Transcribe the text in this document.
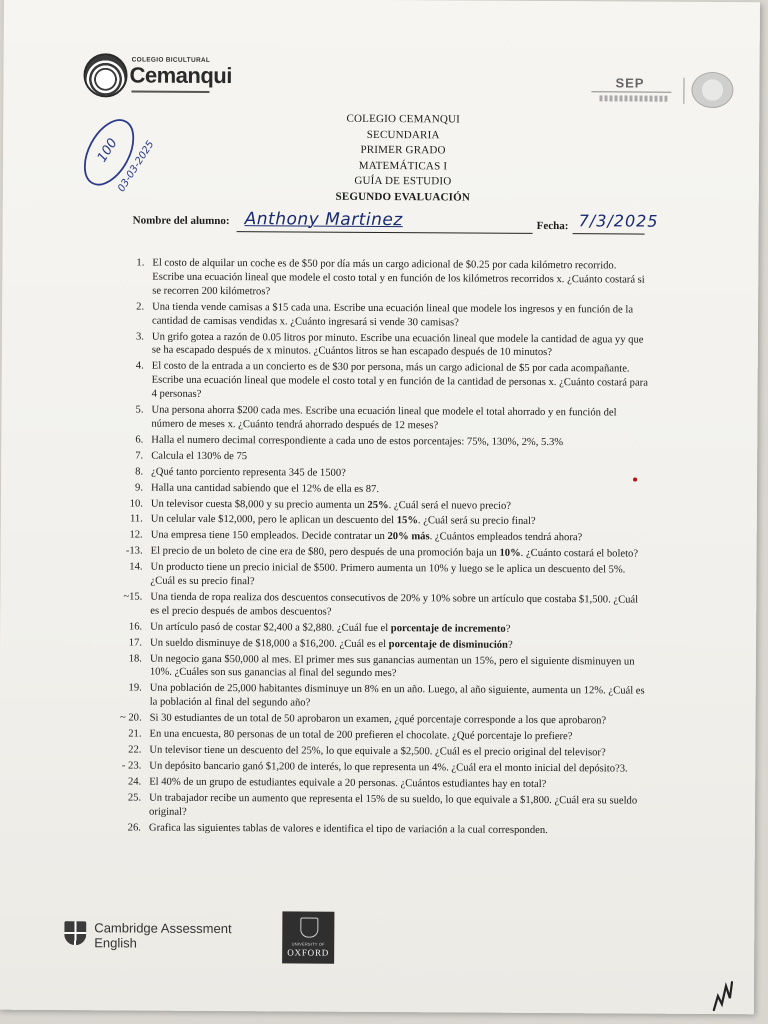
COLEGIO BICULTURAL
Cemanqui	SEP
100
03-03-2025
COLEGIO CEMANQUI
SECUNDARIA
PRIMER GRADO
MATEMÁTICAS I
GUÍA DE ESTUDIO
SEGUNDO EVALUACIÓN
Nombre del alumno: Anthony Martinez	Fecha: 7/3/2025
1. El costo de alquilar un coche es de $50 por día más un cargo adicional de $0.25 por cada kilómetro recorrido. Escribe una ecuación lineal que modele el costo total y en función de los kilómetros recorridos x. ¿Cuánto costará si se recorren 200 kilómetros?
2. Una tienda vende camisas a $15 cada una. Escribe una ecuación lineal que modele los ingresos y en función de la cantidad de camisas vendidas x. ¿Cuánto ingresará si vende 30 camisas?
3. Un grifo gotea a razón de 0.05 litros por minuto. Escribe una ecuación lineal que modele la cantidad de agua yy que se ha escapado después de x minutos. ¿Cuántos litros se han escapado después de 10 minutos?
4. El costo de la entrada a un concierto es de $30 por persona, más un cargo adicional de $5 por cada acompañante. Escribe una ecuación lineal que modele el costo total y en función de la cantidad de personas x. ¿Cuánto costará para 4 personas?
5. Una persona ahorra $200 cada mes. Escribe una ecuación lineal que modele el total ahorrado y en función del número de meses x. ¿Cuánto tendrá ahorrado después de 12 meses?
6. Halla el numero decimal correspondiente a cada uno de estos porcentajes: 75%, 130%, 2%, 5.3%
7. Calcula el 130% de 75
8. ¿Qué tanto porciento representa 345 de 1500?
9. Halla una cantidad sabiendo que el 12% de ella es 87.
10. Un televisor cuesta $8,000 y su precio aumenta un 25%. ¿Cuál será el nuevo precio?
11. Un celular vale $12,000, pero le aplican un descuento del 15%. ¿Cuál será su precio final?
12. Una empresa tiene 150 empleados. Decide contratar un 20% más. ¿Cuántos empleados tendrá ahora?
-13. El precio de un boleto de cine era de $80, pero después de una promoción baja un 10%. ¿Cuánto costará el boleto?
14. Un producto tiene un precio inicial de $500. Primero aumenta un 10% y luego se le aplica un descuento del 5%. ¿Cuál es su precio final?
~15. Una tienda de ropa realiza dos descuentos consecutivos de 20% y 10% sobre un artículo que costaba $1,500. ¿Cuál es el precio después de ambos descuentos?
16. Un artículo pasó de costar $2,400 a $2,880. ¿Cuál fue el porcentaje de incremento?
17. Un sueldo disminuye de $18,000 a $16,200. ¿Cuál es el porcentaje de disminución?
18. Un negocio gana $50,000 al mes. El primer mes sus ganancias aumentan un 15%, pero el siguiente disminuyen un 10%. ¿Cuáles son sus ganancias al final del segundo mes?
19. Una población de 25,000 habitantes disminuye un 8% en un año. Luego, al año siguiente, aumenta un 12%. ¿Cuál es la población al final del segundo año?
~ 20. Si 30 estudiantes de un total de 50 aprobaron un examen, ¿qué porcentaje corresponde a los que aprobaron?
21. En una encuesta, 80 personas de un total de 200 prefieren el chocolate. ¿Qué porcentaje lo prefiere?
22. Un televisor tiene un descuento del 25%, lo que equivale a $2,500. ¿Cuál es el precio original del televisor?
- 23. Un depósito bancario ganó $1,200 de interés, lo que representa un 4%. ¿Cuál era el monto inicial del depósito?3.
24. El 40% de un grupo de estudiantes equivale a 20 personas. ¿Cuántos estudiantes hay en total?
25. Un trabajador recibe un aumento que representa el 15% de su sueldo, lo que equivale a $1,800. ¿Cuál era su sueldo original?
26. Grafica las siguientes tablas de valores e identifica el tipo de variación a la cual corresponden.
Cambridge Assessment
English	UNIVERSITY OF
OXFORD
